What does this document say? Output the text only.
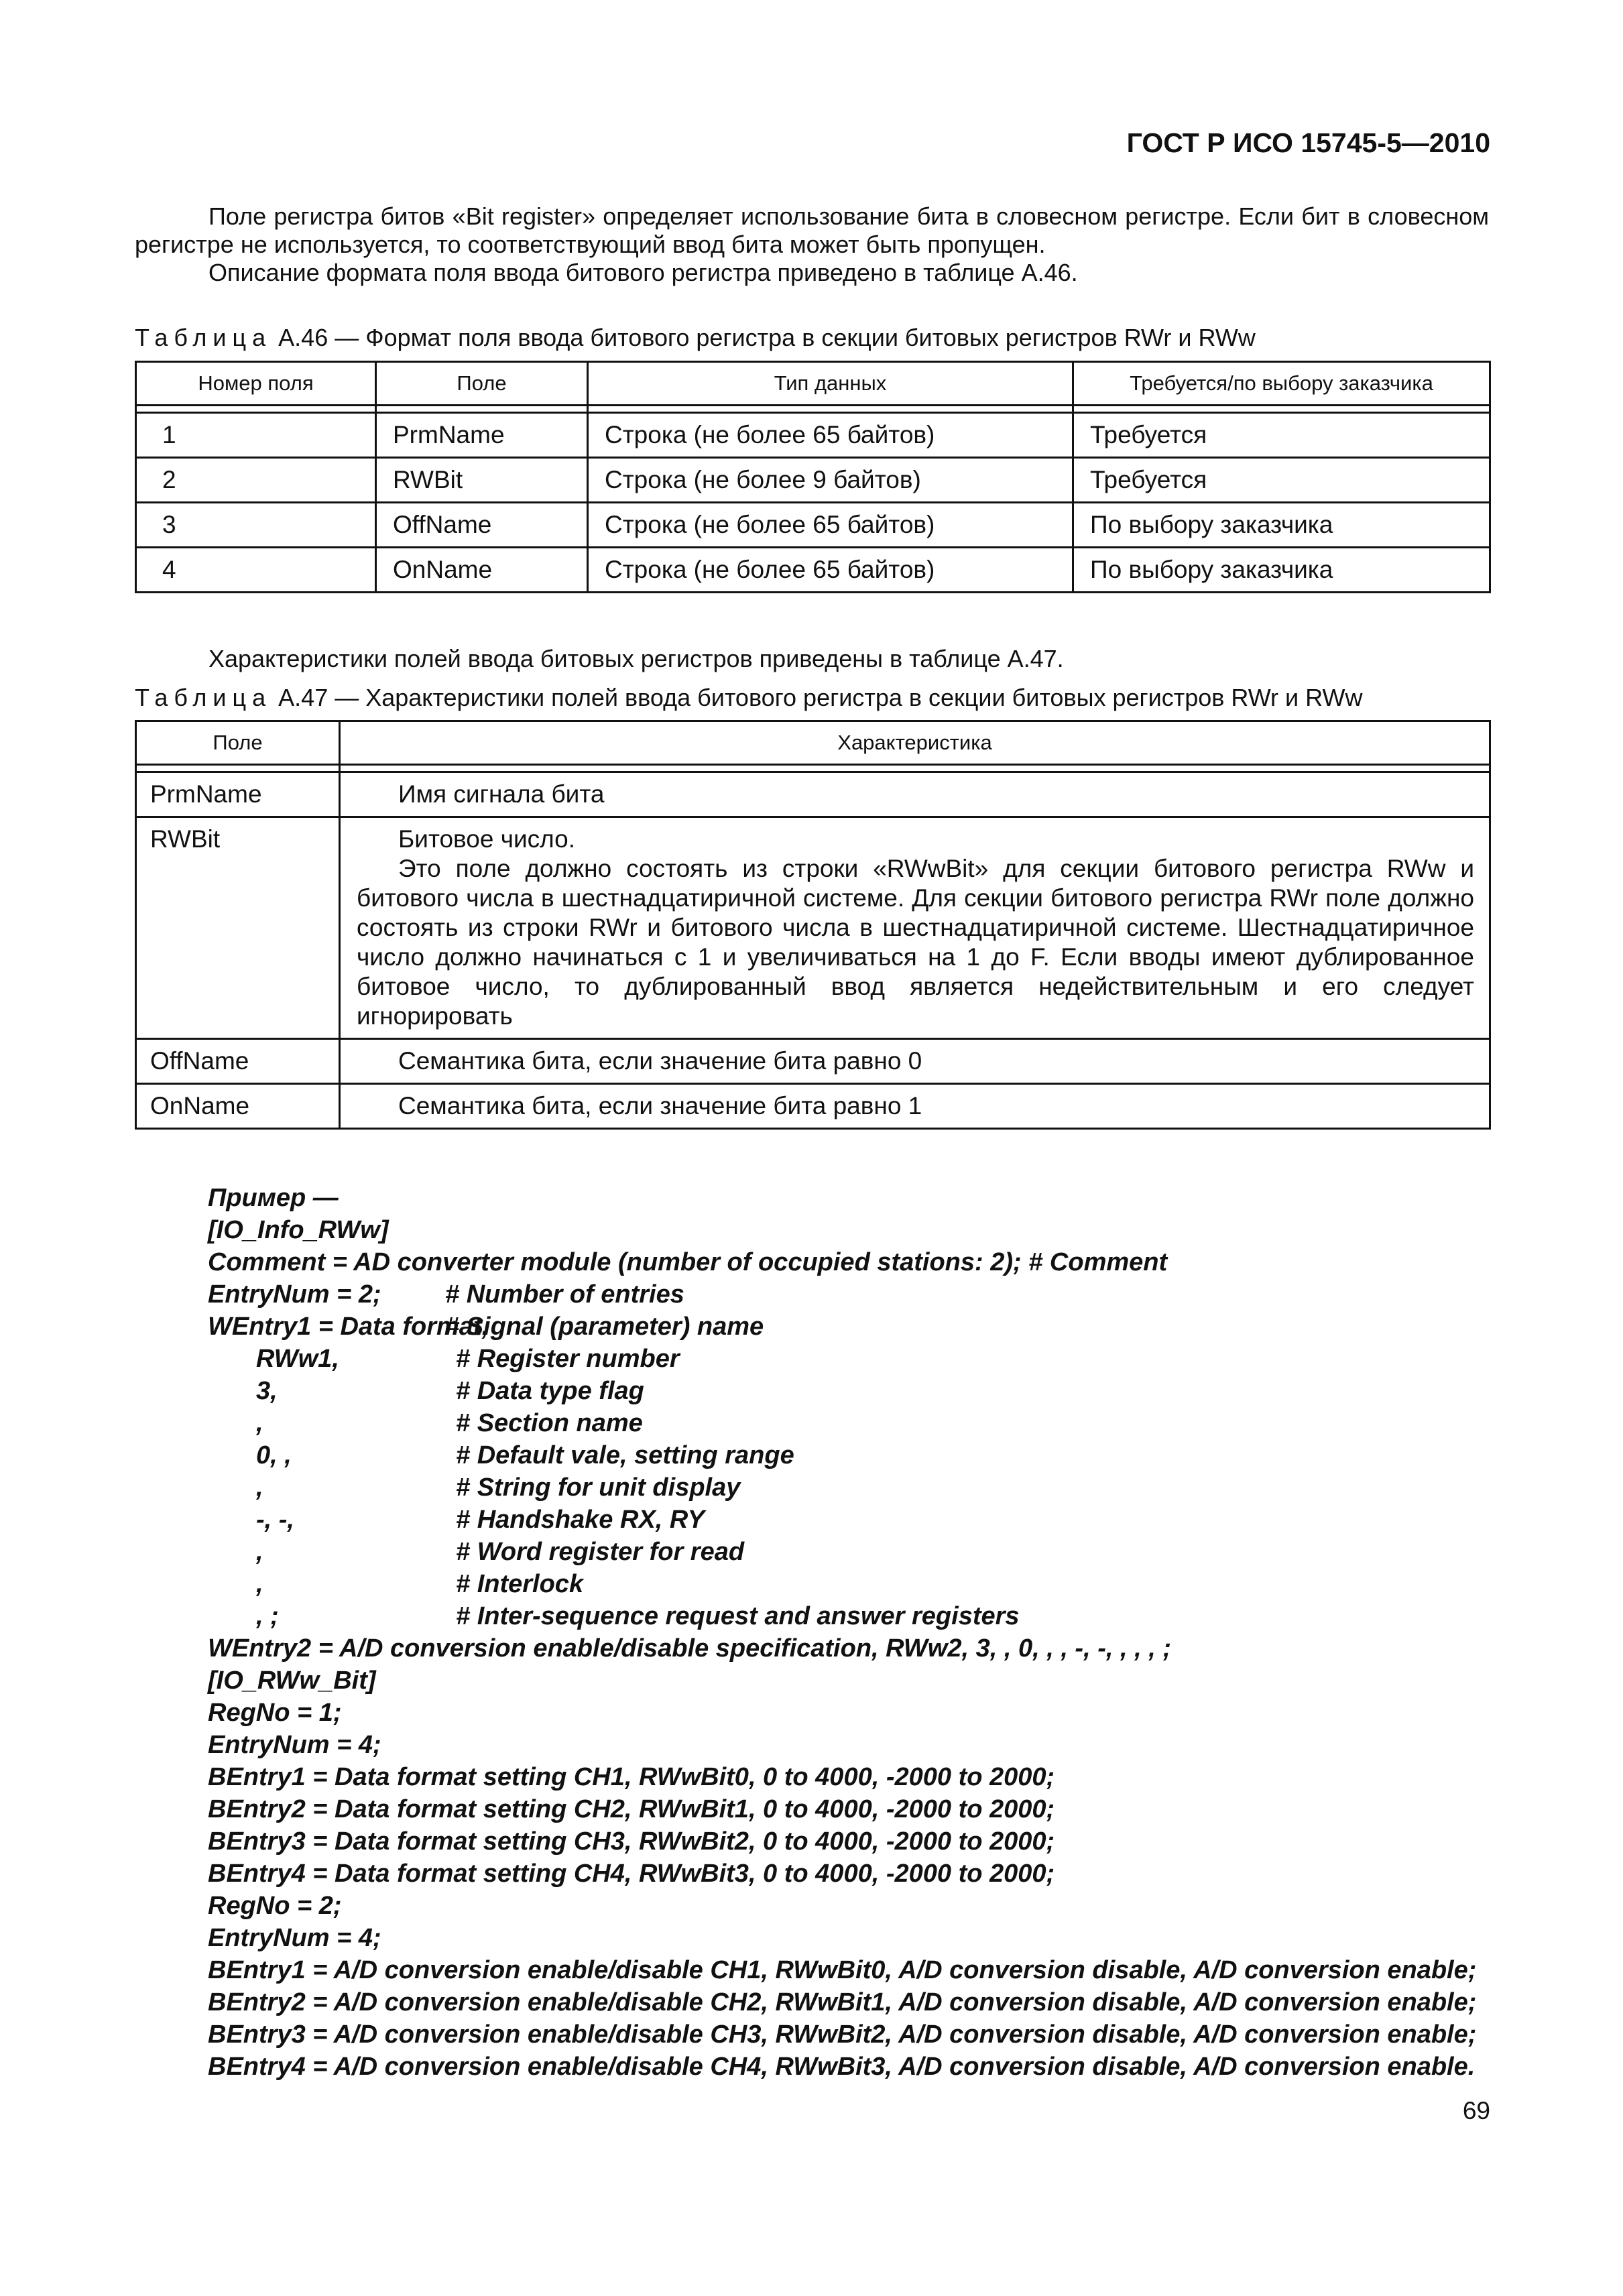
ГОСТ Р ИСО 15745-5—2010
Поле регистра битов «Bit register» определяет использование бита в словесном регистре. Если бит в словесном регистре не используется, то соответствующий ввод бита может быть пропущен.
Описание формата поля ввода битового регистра приведено в таблице А.46.
Таблица А.46 — Формат поля ввода битового регистра в секции битовых регистров RWr и RWw
Номер поля	Поле	Тип данных	Требуется/по выбору заказчика

1	PrmName	Строка (не более 65 байтов)	Требуется
2	RWBit	Строка (не более 9 байтов)	Требуется
3	OffName	Строка (не более 65 байтов)	По выбору заказчика
4	OnName	Строка (не более 65 байтов)	По выбору заказчика
Характеристики полей ввода битовых регистров приведены в таблице А.47.
Таблица А.47 — Характеристики полей ввода битового регистра в секции битовых регистров RWr и RWw
Поле	Характеристика

PrmName	Имя сигнала бита

RWBit	Битовое число.
Это поле должно состоять из строки «RWwBit» для секции битового регистра RWw и битового числа в шестнадцатиричной системе. Для секции битового регистра RWr поле должно состоять из строки RWr и битового числа в шестнадцатиричной системе. Шестнадцатиричное число должно начинаться с 1 и увеличиваться на 1 до F. Если вводы имеют дублированное битовое число, то дублированный ввод является недействительным и его следует игнорировать

OffName	Семантика бита, если значение бита равно 0

OnName	Семантика бита, если значение бита равно 1
Пример —
[IO_Info_RWw]
Comment = AD converter module (number of occupied stations: 2); # Comment
EntryNum = 2;	# Number of entries
WEntry1 = Data format,# Signal (parameter) name
RWw1,	# Register number
3,	# Data type flag
,	# Section name
0, ,	# Default vale, setting range
,	# String for unit display
-, -,	# Handshake RX, RY
,	# Word register for read
,	# Interlock
, ;	# Inter-sequence request and answer registers
WEntry2 = A/D conversion enable/disable specification, RWw2, 3, , 0, , , -, -, , , , ;
[IO_RWw_Bit]
RegNo = 1;
EntryNum = 4;
BEntry1 = Data format setting CH1, RWwBit0, 0 to 4000, -2000 to 2000;
BEntry2 = Data format setting CH2, RWwBit1, 0 to 4000, -2000 to 2000;
BEntry3 = Data format setting CH3, RWwBit2, 0 to 4000, -2000 to 2000;
BEntry4 = Data format setting CH4, RWwBit3, 0 to 4000, -2000 to 2000;
RegNo = 2;
EntryNum = 4;
BEntry1 = A/D conversion enable/disable CH1, RWwBit0, A/D conversion disable, A/D conversion enable;
BEntry2 = A/D conversion enable/disable CH2, RWwBit1, A/D conversion disable, A/D conversion enable;
BEntry3 = A/D conversion enable/disable CH3, RWwBit2, A/D conversion disable, A/D conversion enable;
BEntry4 = A/D conversion enable/disable CH4, RWwBit3, A/D conversion disable, A/D conversion enable.
69
